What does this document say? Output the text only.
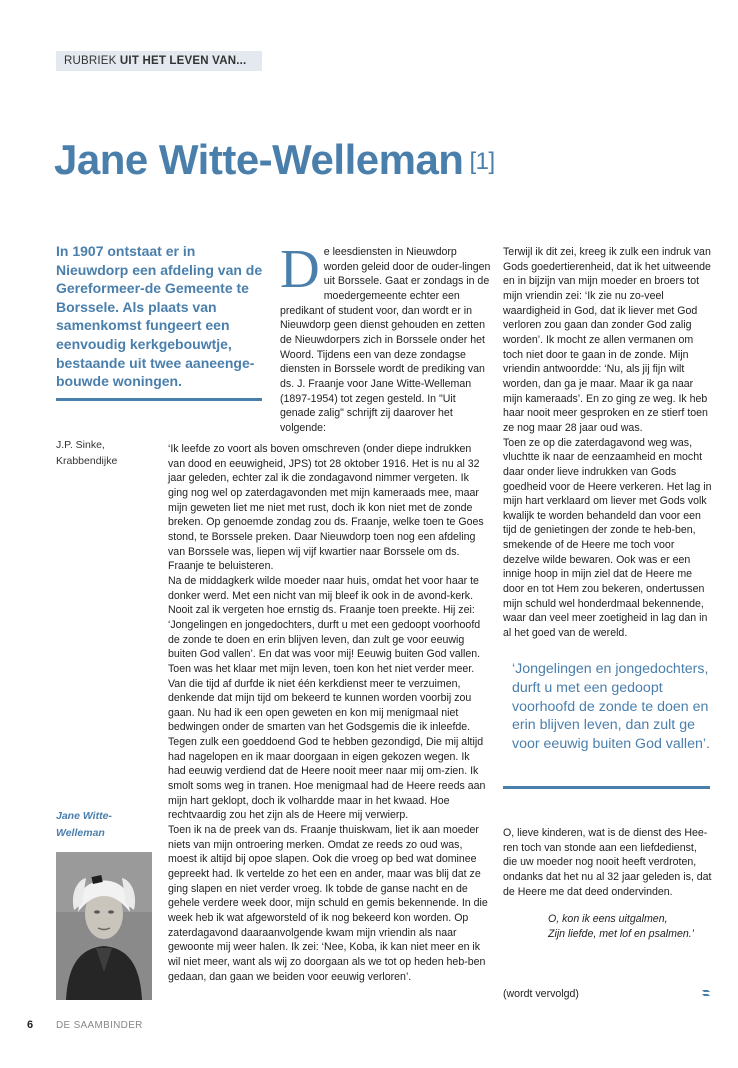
RUBRIEK UIT HET LEVEN VAN...
Jane Witte-Welleman [1]

In 1907 ontstaat er in Nieuwdorp een afdeling van de Gereformeer-de Gemeente te Borssele. Als plaats van samenkomst fungeert een eenvoudig kerkgebouwtje, bestaande uit twee aaneenge-bouwde woningen.

J.P. Sinke,
Krabbendijke
Jane Witte-
Welleman
De leesdiensten in Nieuwdorp worden geleid door de ouder-lingen uit Borssele. Gaat er zondags in de moedergemeente echter een predikant of student voor, dan wordt er in Nieuwdorp geen dienst gehouden en zetten de Nieuwdorpers zich in Borssele onder het Woord. Tijdens een van deze zondagse diensten in Borssele wordt de prediking van ds. J. Fraanje voor Jane Witte-Welleman (1897-1954) tot zegen gesteld. In "Uit genade zalig" schrijft zij daarover het volgende:

‘Ik leefde zo voort als boven omschreven (onder diepe indrukken van dood en eeuwigheid, JPS) tot 28 oktober 1916. Het is nu al 32 jaar geleden, echter zal ik die zondagavond nimmer vergeten. Ik ging nog wel op zaterdagavonden met mijn kameraads mee, maar mijn geweten liet me niet met rust, doch ik kon niet met de zonde breken. Op genoemde zondag zou ds. Fraanje, welke toen te Goes stond, te Borssele preken. Daar Nieuwdorp toen nog een afdeling van Borssele was, liepen wij vijf kwartier naar Borssele om ds. Fraanje te beluisteren.

Na de middagkerk wilde moeder naar huis, omdat het voor haar te donker werd. Met een nicht van mij bleef ik ook in de avond-kerk. Nooit zal ik vergeten hoe ernstig ds. Fraanje toen preekte. Hij zei: ‘Jongelingen en jongedochters, durft u met een gedoopt voorhoofd de zonde te doen en erin blijven leven, dan zult ge voor eeuwig buiten God vallen’. En dat was voor mij! Eeuwig buiten God vallen. Toen was het klaar met mijn leven, toen kon het niet verder meer.

Van die tijd af durfde ik niet één kerkdienst meer te verzuimen, denkende dat mijn tijd om bekeerd te kunnen worden voorbij zou gaan. Nu had ik een open geweten en kon mij menigmaal niet bedwingen onder de smarten van het Godsgemis die ik inleefde. Tegen zulk een goeddoend God te hebben gezondigd, Die mij altijd had nagelopen en ik maar doorgaan in eigen gekozen wegen. Ik had eeuwig verdiend dat de Heere nooit meer naar mij om-zien. Ik smolt soms weg in tranen. Hoe menigmaal had de Heere reeds aan mijn hart geklopt, doch ik volhardde maar in het kwaad. Hoe rechtvaardig zou het zijn als de Heere mij verwierp.

Toen ik na de preek van ds. Fraanje thuiskwam, liet ik aan moeder niets van mijn ontroering merken. Omdat ze reeds zo oud was, moest ik altijd bij opoe slapen. Ook die vroeg op bed wat dominee gepreekt had. Ik vertelde zo het een en ander, maar was blij dat ze ging slapen en niet verder vroeg. Ik tobde de ganse nacht en de gehele verdere week door, mijn schuld en gemis bekennende. In die week heb ik wat afgeworsteld of ik nog bekeerd kon worden. Op zaterdagavond daaraanvolgende kwam mijn vriendin als naar gewoonte mij weer halen. Ik zei: ‘Nee, Koba, ik kan niet meer en ik wil niet meer, want als wij zo doorgaan als we tot op heden heb-ben gedaan, dan gaan we beiden voor eeuwig verloren’.

Terwijl ik dit zei, kreeg ik zulk een indruk van Gods goedertierenheid, dat ik het uitweende en in bijzijn van mijn moeder en broers tot mijn vriendin zei: ‘Ik zie nu zo-veel waardigheid in God, dat ik liever met God verloren zou gaan dan zonder God zalig worden’. Ik mocht ze allen vermanen om toch niet door te gaan in de zonde. Mijn vriendin antwoordde: ‘Nu, als jij fijn wilt worden, dan ga je maar. Maar ik ga naar mijn kameraads’. En zo ging ze weg. Ik heb haar nooit meer gesproken en ze stierf toen ze nog maar 28 jaar oud was.

Toen ze op die zaterdagavond weg was, vluchtte ik naar de eenzaamheid en mocht daar onder lieve indrukken van Gods goedheid voor de Heere verkeren. Het lag in mijn hart verklaard om liever met Gods volk kwalijk te worden behandeld dan voor een tijd de genietingen der zonde te heb-ben, smekende of de Heere me toch voor dezelve wilde bewaren. Ook was er een innige hoop in mijn ziel dat de Heere me door en tot Hem zou bekeren, ondertussen mijn schuld wel honderdmaal bekennende, waar dan veel meer zoetigheid in lag dan in al het goed van de wereld.

‘Jongelingen en jongedochters, durft u met een gedoopt voorhoofd de zonde te doen en erin blijven leven, dan zult ge voor eeuwig buiten God vallen’.

O, lieve kinderen, wat is de dienst des Hee-ren toch van stonde aan een liefdedienst, die uw moeder nog nooit heeft verdroten, ondanks dat het nu al 32 jaar geleden is, dat de Heere me dat deed ondervinden.

O, kon ik eens uitgalmen,
Zijn liefde, met lof en psalmen.’
(wordt vervolgd)
6 DE SAAMBINDER
